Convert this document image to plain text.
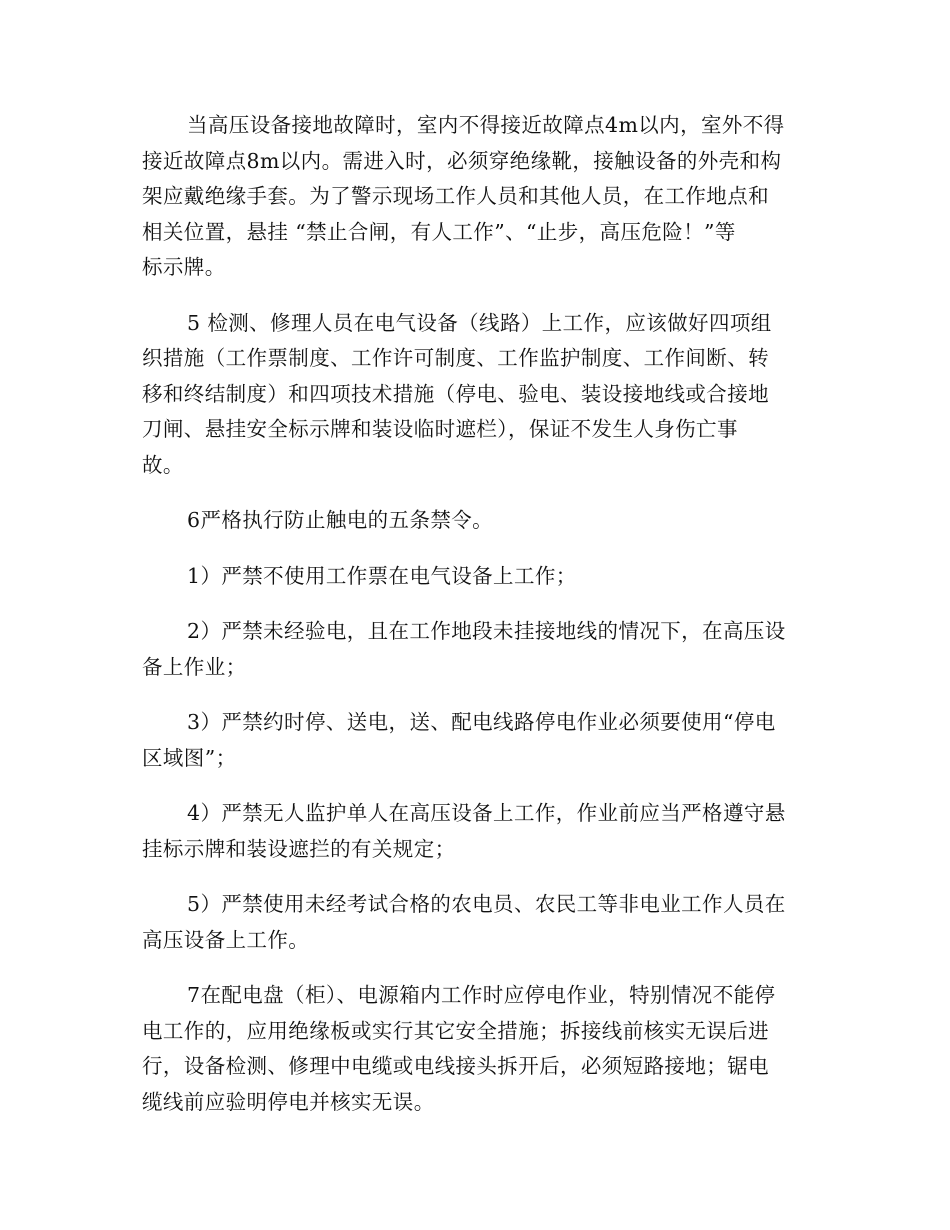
当高压设备接地故障时，室内不得接近故障点4m以内，室外不得
接近故障点8m以内。需进入时，必须穿绝缘靴，接触设备的外壳和构
架应戴绝缘手套。为了警示现场工作人员和其他人员，在工作地点和
相关位置，悬挂 “禁止合闸，有人工作”、“止步，高压危险！”等
标示牌。

5 检测、修理人员在电气设备（线路）上工作，应该做好四项组
织措施（工作票制度、工作许可制度、工作监护制度、工作间断、转
移和终结制度）和四项技术措施（停电、验电、装设接地线或合接地
刀闸、悬挂安全标示牌和装设临时遮栏），保证不发生人身伤亡事
故。

6严格执行防止触电的五条禁令。

1）严禁不使用工作票在电气设备上工作；

2）严禁未经验电，且在工作地段未挂接地线的情况下，在高压设
备上作业；

3）严禁约时停、送电，送、配电线路停电作业必须要使用“停电
区域图”；

4）严禁无人监护单人在高压设备上工作，作业前应当严格遵守悬
挂标示牌和装设遮拦的有关规定；

5）严禁使用未经考试合格的农电员、农民工等非电业工作人员在
高压设备上工作。

7在配电盘（柜）、电源箱内工作时应停电作业，特别情况不能停
电工作的，应用绝缘板或实行其它安全措施；拆接线前核实无误后进
行，设备检测、修理中电缆或电线接头拆开后，必须短路接地；锯电
缆线前应验明停电并核实无误。
